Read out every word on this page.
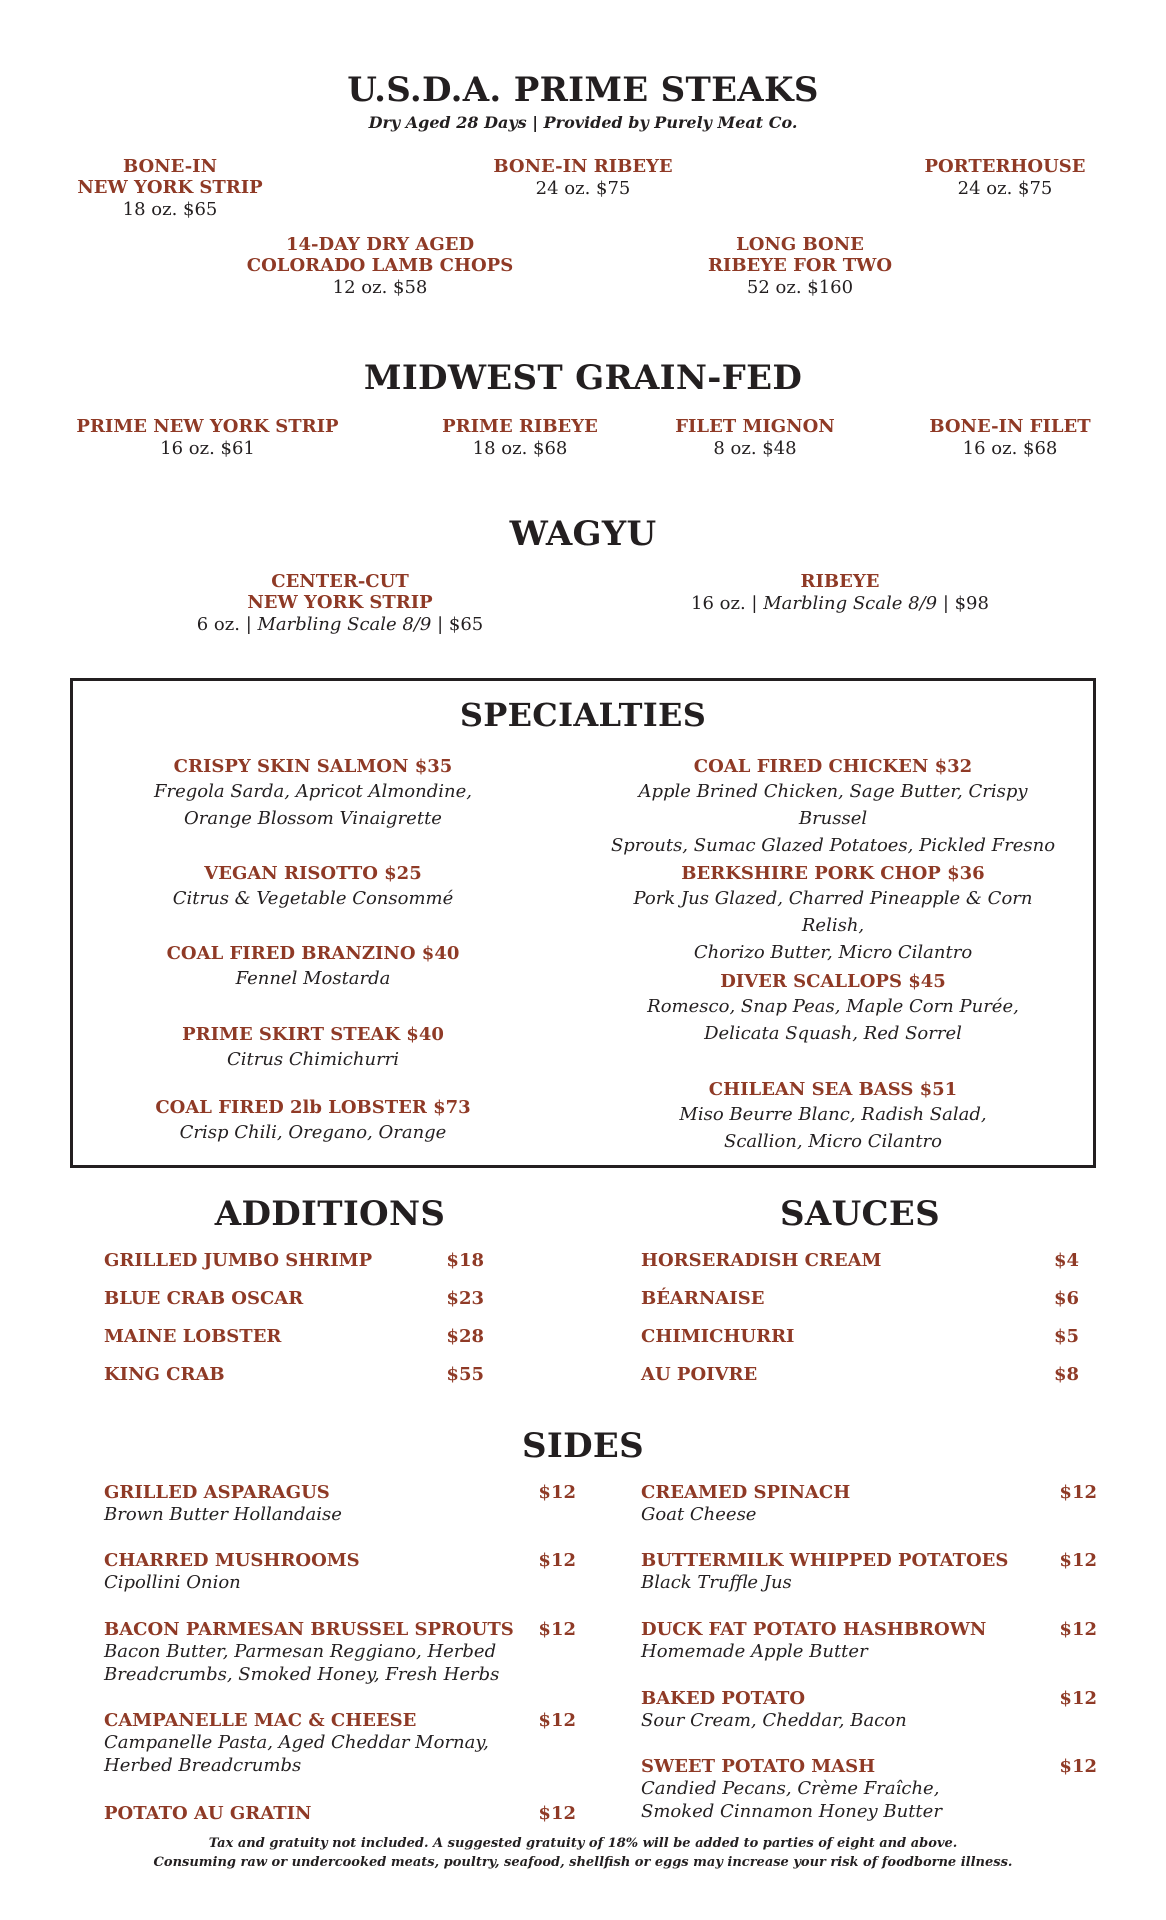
U.S.D.A. PRIME STEAKS
Dry Aged 28 Days | Provided by Purely Meat Co.
BONE-IN
NEW YORK STRIP
18 oz. $65
BONE-IN RIBEYE
24 oz. $75
PORTERHOUSE
24 oz. $75
14-DAY DRY AGED
COLORADO LAMB CHOPS
12 oz. $58
LONG BONE
RIBEYE FOR TWO
52 oz. $160
MIDWEST GRAIN-FED
PRIME NEW YORK STRIP
16 oz. $61
PRIME RIBEYE
18 oz. $68
FILET MIGNON
8 oz. $48
BONE-IN FILET
16 oz. $68
WAGYU
CENTER-CUT
NEW YORK STRIP
6 oz. | Marbling Scale 8/9 | $65
RIBEYE
16 oz. | Marbling Scale 8/9 | $98
SPECIALTIES
CRISPY SKIN SALMON $35
Fregola Sarda, Apricot Almondine,
Orange Blossom Vinaigrette
VEGAN RISOTTO $25
Citrus & Vegetable Consommé
COAL FIRED BRANZINO $40
Fennel Mostarda
PRIME SKIRT STEAK $40
Citrus Chimichurri
COAL FIRED 2lb LOBSTER $73
Crisp Chili, Oregano, Orange
COAL FIRED CHICKEN $32
Apple Brined Chicken, Sage Butter, Crispy Brussel
Sprouts, Sumac Glazed Potatoes, Pickled Fresno
BERKSHIRE PORK CHOP $36
Pork Jus Glazed, Charred Pineapple & Corn Relish,
Chorizo Butter, Micro Cilantro
DIVER SCALLOPS $45
Romesco, Snap Peas, Maple Corn Purée,
Delicata Squash, Red Sorrel
CHILEAN SEA BASS $51
Miso Beurre Blanc, Radish Salad,
Scallion, Micro Cilantro
ADDITIONS
GRILLED JUMBO SHRIMP	$18
BLUE CRAB OSCAR	$23
MAINE LOBSTER	$28
KING CRAB	$55
SAUCES
HORSERADISH CREAM	$4
BÉARNAISE	$6
CHIMICHURRI	$5
AU POIVRE	$8
SIDES
GRILLED ASPARAGUS	$12
Brown Butter Hollandaise
CHARRED MUSHROOMS	$12
Cipollini Onion
BACON PARMESAN BRUSSEL SPROUTS $12
Bacon Butter, Parmesan Reggiano, Herbed
Breadcrumbs, Smoked Honey, Fresh Herbs
CAMPANELLE MAC & CHEESE	$12
Campanelle Pasta, Aged Cheddar Mornay,
Herbed Breadcrumbs
POTATO AU GRATIN	$12
CREAMED SPINACH	$12
Goat Cheese
BUTTERMILK WHIPPED POTATOES	$12
Black Truffle Jus
DUCK FAT POTATO HASHBROWN	$12
Homemade Apple Butter
BAKED POTATO	$12
Sour Cream, Cheddar, Bacon
SWEET POTATO MASH	$12
Candied Pecans, Crème Fraîche,
Smoked Cinnamon Honey Butter
Tax and gratuity not included. A suggested gratuity of 18% will be added to parties of eight and above.
Consuming raw or undercooked meats, poultry, seafood, shellfish or eggs may increase your risk of foodborne illness.
